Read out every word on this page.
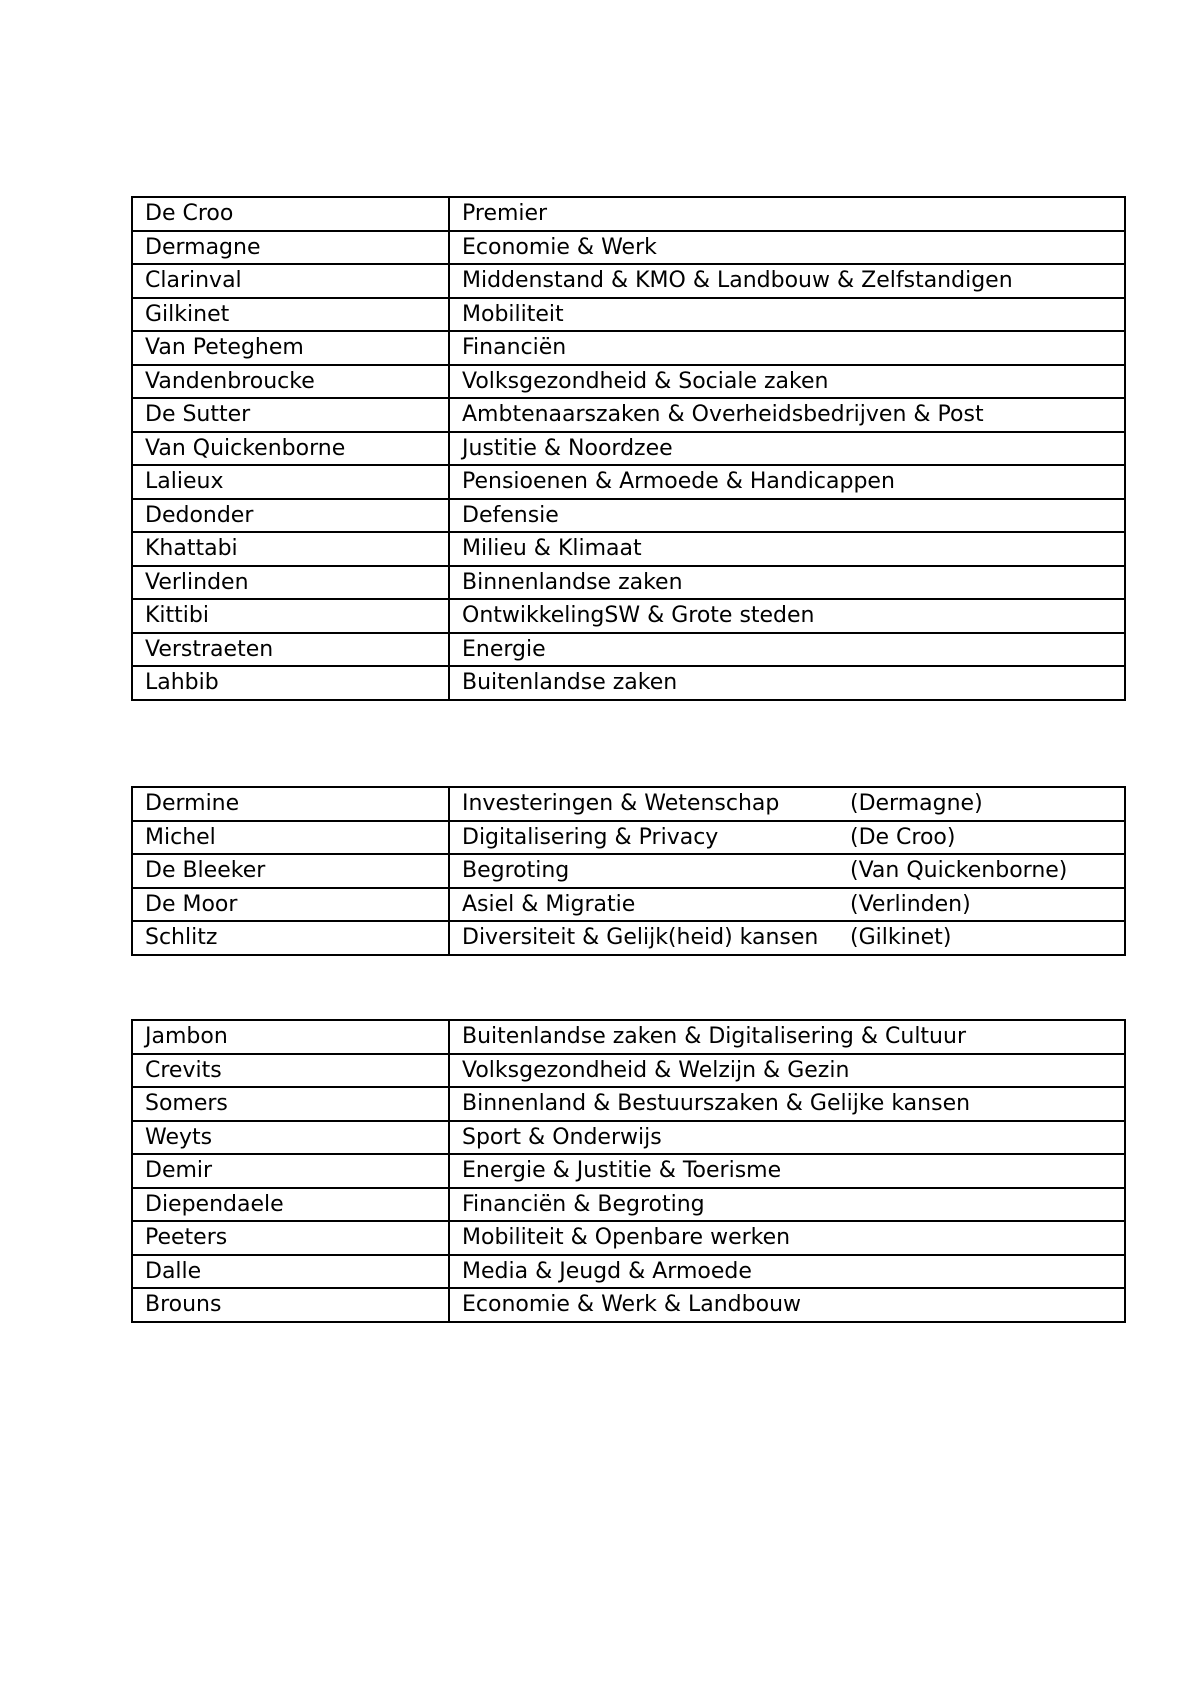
De Croo	Premier
Dermagne	Economie & Werk
Clarinval	Middenstand & KMO & Landbouw & Zelfstandigen
Gilkinet	Mobiliteit
Van Peteghem	Financiën
Vandenbroucke	Volksgezondheid & Sociale zaken
De Sutter	Ambtenaarszaken & Overheidsbedrijven & Post
Van Quickenborne	Justitie & Noordzee
Lalieux	Pensioenen & Armoede & Handicappen
Dedonder	Defensie
Khattabi	Milieu & Klimaat
Verlinden	Binnenlandse zaken
Kittibi	OntwikkelingSW & Grote steden
Verstraeten	Energie
Lahbib	Buitenlandse zaken
Dermine	Investeringen & Wetenschap (Dermagne)

Michel	Digitalisering & Privacy (De Croo)

De Bleeker	Begroting (Van Quickenborne)

De Moor	Asiel & Migratie (Verlinden)

Schlitz	Diversiteit & Gelijk(heid) kansen (Gilkinet)
Jambon	Buitenlandse zaken & Digitalisering & Cultuur
Crevits	Volksgezondheid & Welzijn & Gezin
Somers	Binnenland & Bestuurszaken & Gelijke kansen
Weyts	Sport & Onderwijs
Demir	Energie & Justitie & Toerisme
Diependaele	Financiën & Begroting
Peeters	Mobiliteit & Openbare werken
Dalle	Media & Jeugd & Armoede
Brouns	Economie & Werk & Landbouw
